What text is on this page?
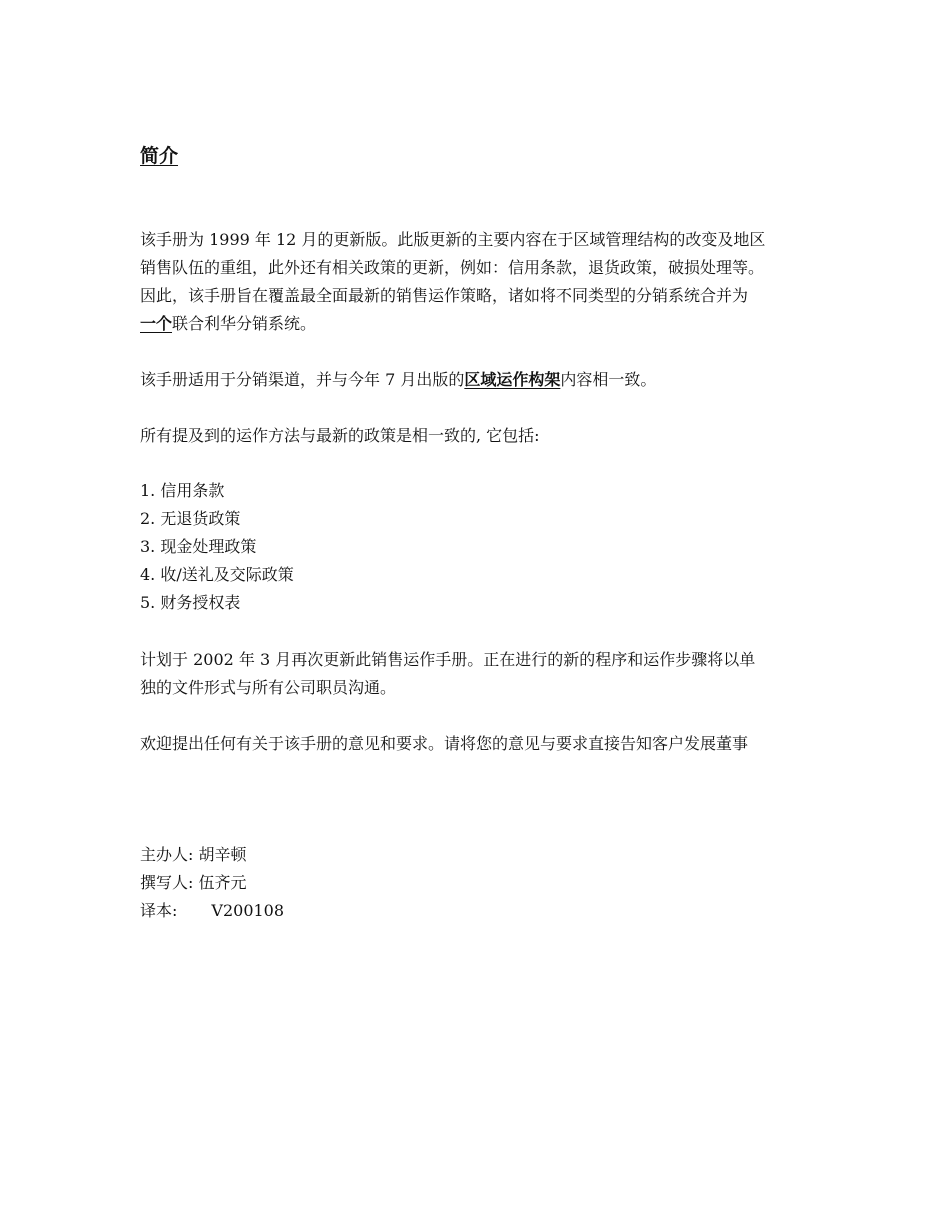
简介

该手册为 1999 年 12 月的更新版。此版更新的主要内容在于区域管理结构的改变及地区
销售队伍的重组，此外还有相关政策的更新，例如：信用条款，退货政策，破损处理等。
因此，该手册旨在覆盖最全面最新的销售运作策略，诸如将不同类型的分销系统合并为
一个联合利华分销系统。

该手册适用于分销渠道，并与今年 7 月出版的区域运作构架内容相一致。

所有提及到的运作方法与最新的政策是相一致的, 它包括:

1. 信用条款
2. 无退货政策
3. 现金处理政策
4. 收/送礼及交际政策
5. 财务授权表

计划于 2002 年 3 月再次更新此销售运作手册。正在进行的新的程序和运作步骤将以单
独的文件形式与所有公司职员沟通。

欢迎提出任何有关于该手册的意见和要求。请将您的意见与要求直接告知客户发展董事

主办人: 胡辛顿
撰写人: 伍齐元
译本: V200108
